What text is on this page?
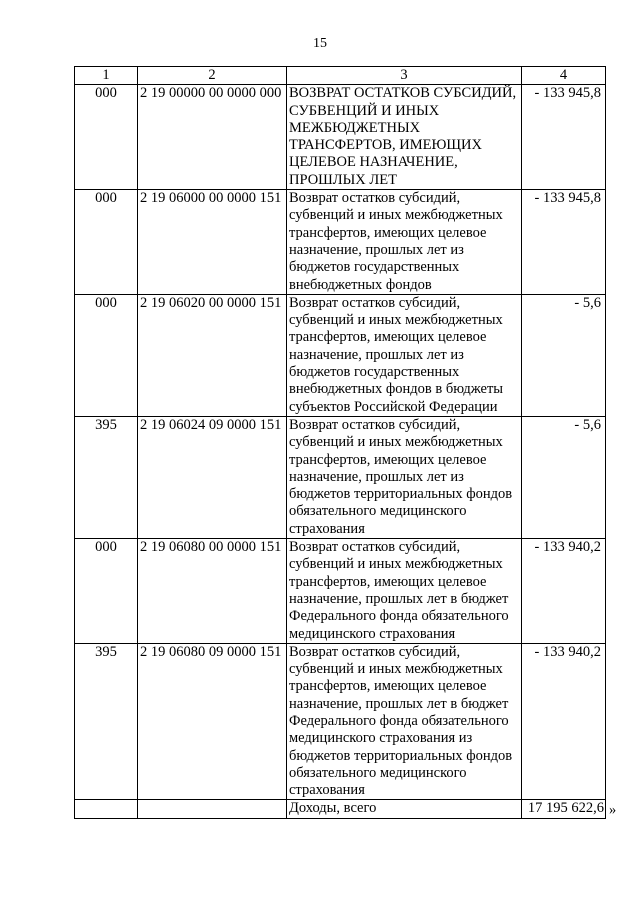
15
1	2	3	4
000	2 19 00000 00 0000 000	ВОЗВРАТ ОСТАТКОВ СУБСИДИЙ, СУБВЕНЦИЙ И ИНЫХ МЕЖБЮДЖЕТНЫХ ТРАНСФЕРТОВ, ИМЕЮЩИХ ЦЕЛЕВОЕ НАЗНАЧЕНИЕ, ПРОШЛЫХ ЛЕТ	- 133 945,8
000	2 19 06000 00 0000 151	Возврат остатков субсидий, субвенций и иных межбюджетных трансфертов, имеющих целевое назначение, прошлых лет из бюджетов государственных внебюджетных фондов	- 133 945,8
000	2 19 06020 00 0000 151	Возврат остатков субсидий, субвенций и иных межбюджетных трансфертов, имеющих целевое назначение, прошлых лет из бюджетов государственных внебюджетных фондов в бюджеты субъектов Российской Федерации	- 5,6
395	2 19 06024 09 0000 151	Возврат остатков субсидий, субвенций и иных межбюджетных трансфертов, имеющих целевое назначение, прошлых лет из бюджетов территориальных фондов обязательного медицинского страхования	- 5,6
000	2 19 06080 00 0000 151	Возврат остатков субсидий, субвенций и иных межбюджетных трансфертов, имеющих целевое назначение, прошлых лет в бюджет Федерального фонда обязательного медицинского страхования	- 133 940,2
395	2 19 06080 09 0000 151	Возврат остатков субсидий, субвенций и иных межбюджетных трансфертов, имеющих целевое назначение, прошлых лет в бюджет Федерального фонда обязательного медицинского страхования из бюджетов территориальных фондов обязательного медицинского страхования	- 133 940,2
		Доходы, всего	17 195 622,6 »
